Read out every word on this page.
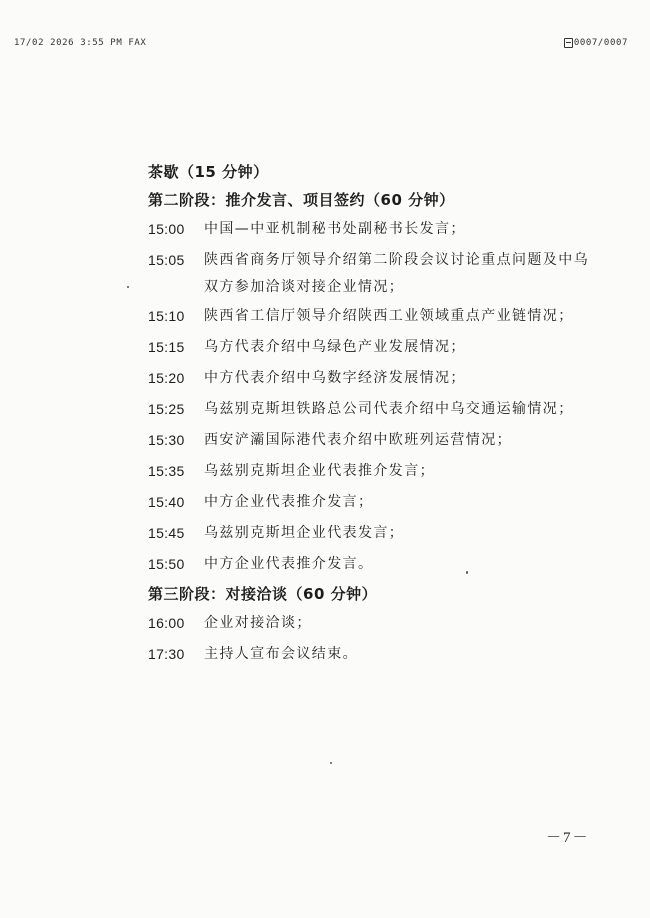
17/02 2026 3:55 PM FAX	0007/0007
茶歇（15 分钟）
第二阶段：推介发言、项目签约（60 分钟）
15:00	中国—中亚机制秘书处副秘书长发言；
15:05	陕西省商务厅领导介绍第二阶段会议讨论重点问题及中乌双方参加洽谈对接企业情况；
15:10	陕西省工信厅领导介绍陕西工业领域重点产业链情况；
15:15	乌方代表介绍中乌绿色产业发展情况；
15:20	中方代表介绍中乌数字经济发展情况；
15:25	乌兹别克斯坦铁路总公司代表介绍中乌交通运输情况；
15:30	西安浐灞国际港代表介绍中欧班列运营情况；
15:35	乌兹别克斯坦企业代表推介发言；
15:40	中方企业代表推介发言；
15:45	乌兹别克斯坦企业代表发言；
15:50	中方企业代表推介发言。
第三阶段：对接洽谈（60 分钟）
16:00	企业对接洽谈；
17:30	主持人宣布会议结束。
－7－
